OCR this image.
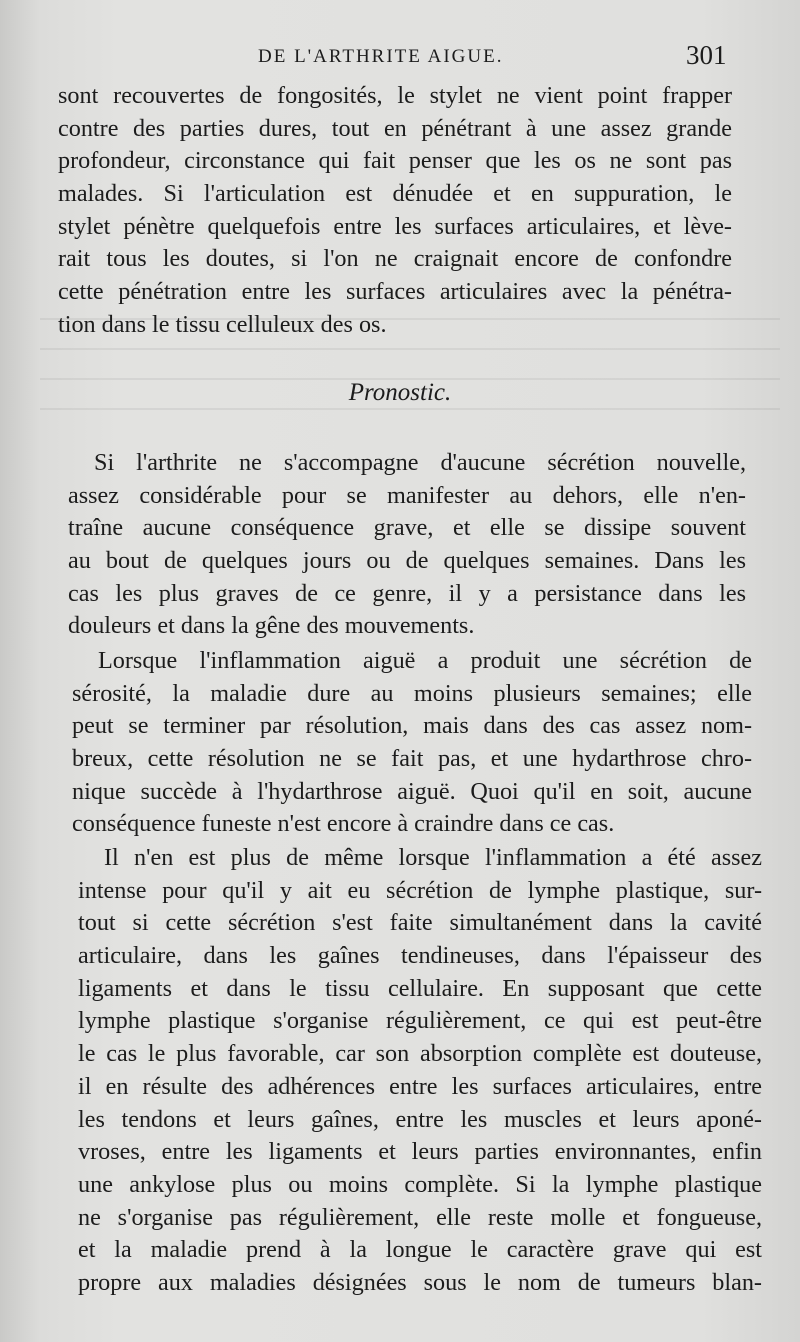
DE L'ARTHRITE AIGUE.	301
sont recouvertes de fongosités, le stylet ne vient point frapper
contre des parties dures, tout en pénétrant à une assez grande
profondeur, circonstance qui fait penser que les os ne sont pas
malades. Si l'articulation est dénudée et en suppuration, le
stylet pénètre quelquefois entre les surfaces articulaires, et lève-
rait tous les doutes, si l'on ne craignait encore de confondre
cette pénétration entre les surfaces articulaires avec la pénétra-
tion dans le tissu celluleux des os.
Pronostic.
Si l'arthrite ne s'accompagne d'aucune sécrétion nouvelle,
assez considérable pour se manifester au dehors, elle n'en-
traîne aucune conséquence grave, et elle se dissipe souvent
au bout de quelques jours ou de quelques semaines. Dans les
cas les plus graves de ce genre, il y a persistance dans les
douleurs et dans la gêne des mouvements.
Lorsque l'inflammation aiguë a produit une sécrétion de
sérosité, la maladie dure au moins plusieurs semaines; elle
peut se terminer par résolution, mais dans des cas assez nom-
breux, cette résolution ne se fait pas, et une hydarthrose chro-
nique succède à l'hydarthrose aiguë. Quoi qu'il en soit, aucune
conséquence funeste n'est encore à craindre dans ce cas.
Il n'en est plus de même lorsque l'inflammation a été assez
intense pour qu'il y ait eu sécrétion de lymphe plastique, sur-
tout si cette sécrétion s'est faite simultanément dans la cavité
articulaire, dans les gaînes tendineuses, dans l'épaisseur des
ligaments et dans le tissu cellulaire. En supposant que cette
lymphe plastique s'organise régulièrement, ce qui est peut-être
le cas le plus favorable, car son absorption complète est douteuse,
il en résulte des adhérences entre les surfaces articulaires, entre
les tendons et leurs gaînes, entre les muscles et leurs aponé-
vroses, entre les ligaments et leurs parties environnantes, enfin
une ankylose plus ou moins complète. Si la lymphe plastique
ne s'organise pas régulièrement, elle reste molle et fongueuse,
et la maladie prend à la longue le caractère grave qui est
propre aux maladies désignées sous le nom de tumeurs blan-
